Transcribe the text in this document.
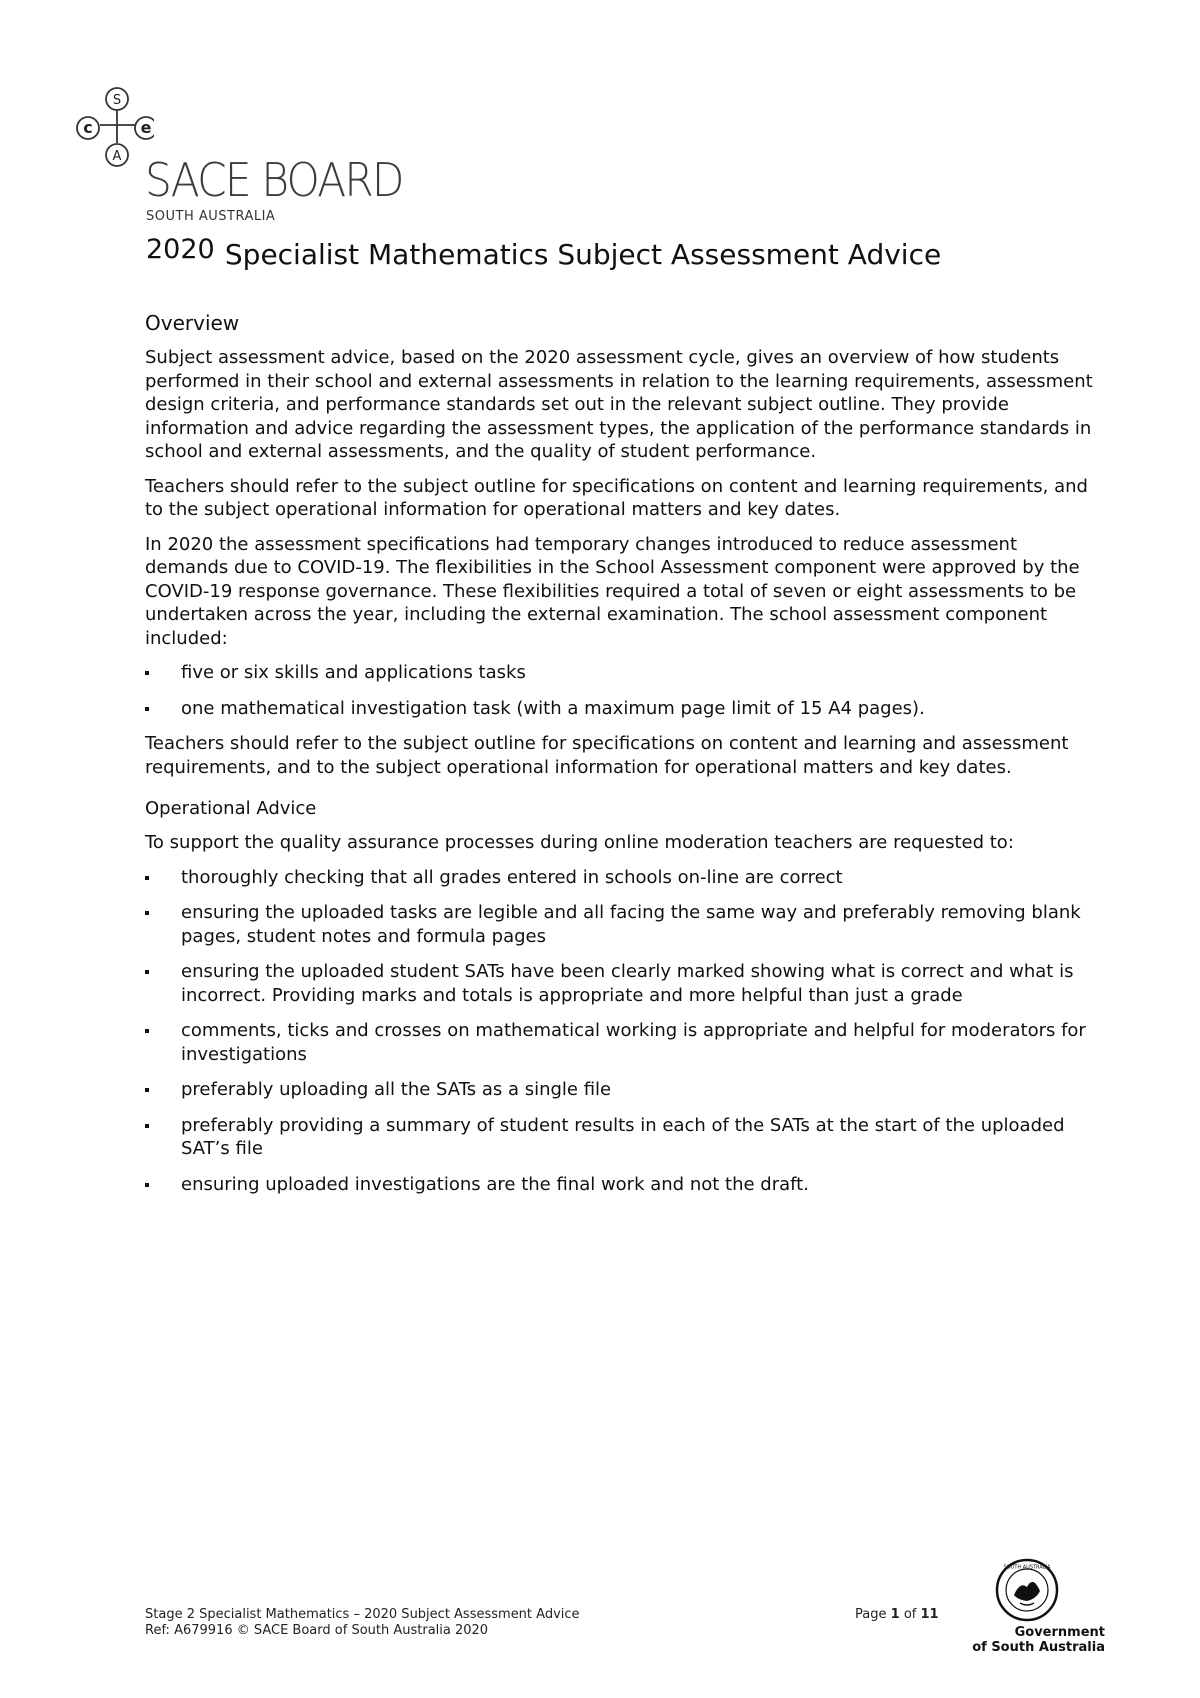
S
c	e
A SACE BOARD
SOUTH AUSTRALIA
2020 Specialist Mathematics Subject Assessment Advice
Overview

Subject assessment advice, based on the 2020 assessment cycle, gives an overview of how students performed in their school and external assessments in relation to the learning requirements, assessment design criteria, and performance standards set out in the relevant subject outline. They provide information and advice regarding the assessment types, the application of the performance standards in school and external assessments, and the quality of student performance.

Teachers should refer to the subject outline for specifications on content and learning requirements, and to the subject operational information for operational matters and key dates.

In 2020 the assessment specifications had temporary changes introduced to reduce assessment demands due to COVID-19. The flexibilities in the School Assessment component were approved by the COVID-19 response governance. These flexibilities required a total of seven or eight assessments to be undertaken across the year, including the external examination. The school assessment component included:

five or six skills and applications tasks
one mathematical investigation task (with a maximum page limit of 15 A4 pages).

Teachers should refer to the subject outline for specifications on content and learning and assessment requirements, and to the subject operational information for operational matters and key dates.

Operational Advice

To support the quality assurance processes during online moderation teachers are requested to:

thoroughly checking that all grades entered in schools on-line are correct
ensuring the uploaded tasks are legible and all facing the same way and preferably removing blank pages, student notes and formula pages
ensuring the uploaded student SATs have been clearly marked showing what is correct and what is incorrect. Providing marks and totals is appropriate and more helpful than just a grade
comments, ticks and crosses on mathematical working is appropriate and helpful for moderators for investigations
preferably uploading all the SATs as a single file
preferably providing a summary of student results in each of the SATs at the start of the uploaded SAT’s file
ensuring uploaded investigations are the final work and not the draft.
Stage 2 Specialist Mathematics – 2020 Subject Assessment Advice
Ref: A679916 © SACE Board of South Australia 2020
Page 1 of 11
SOUTH AUSTRALIA
Government
of South Australia
